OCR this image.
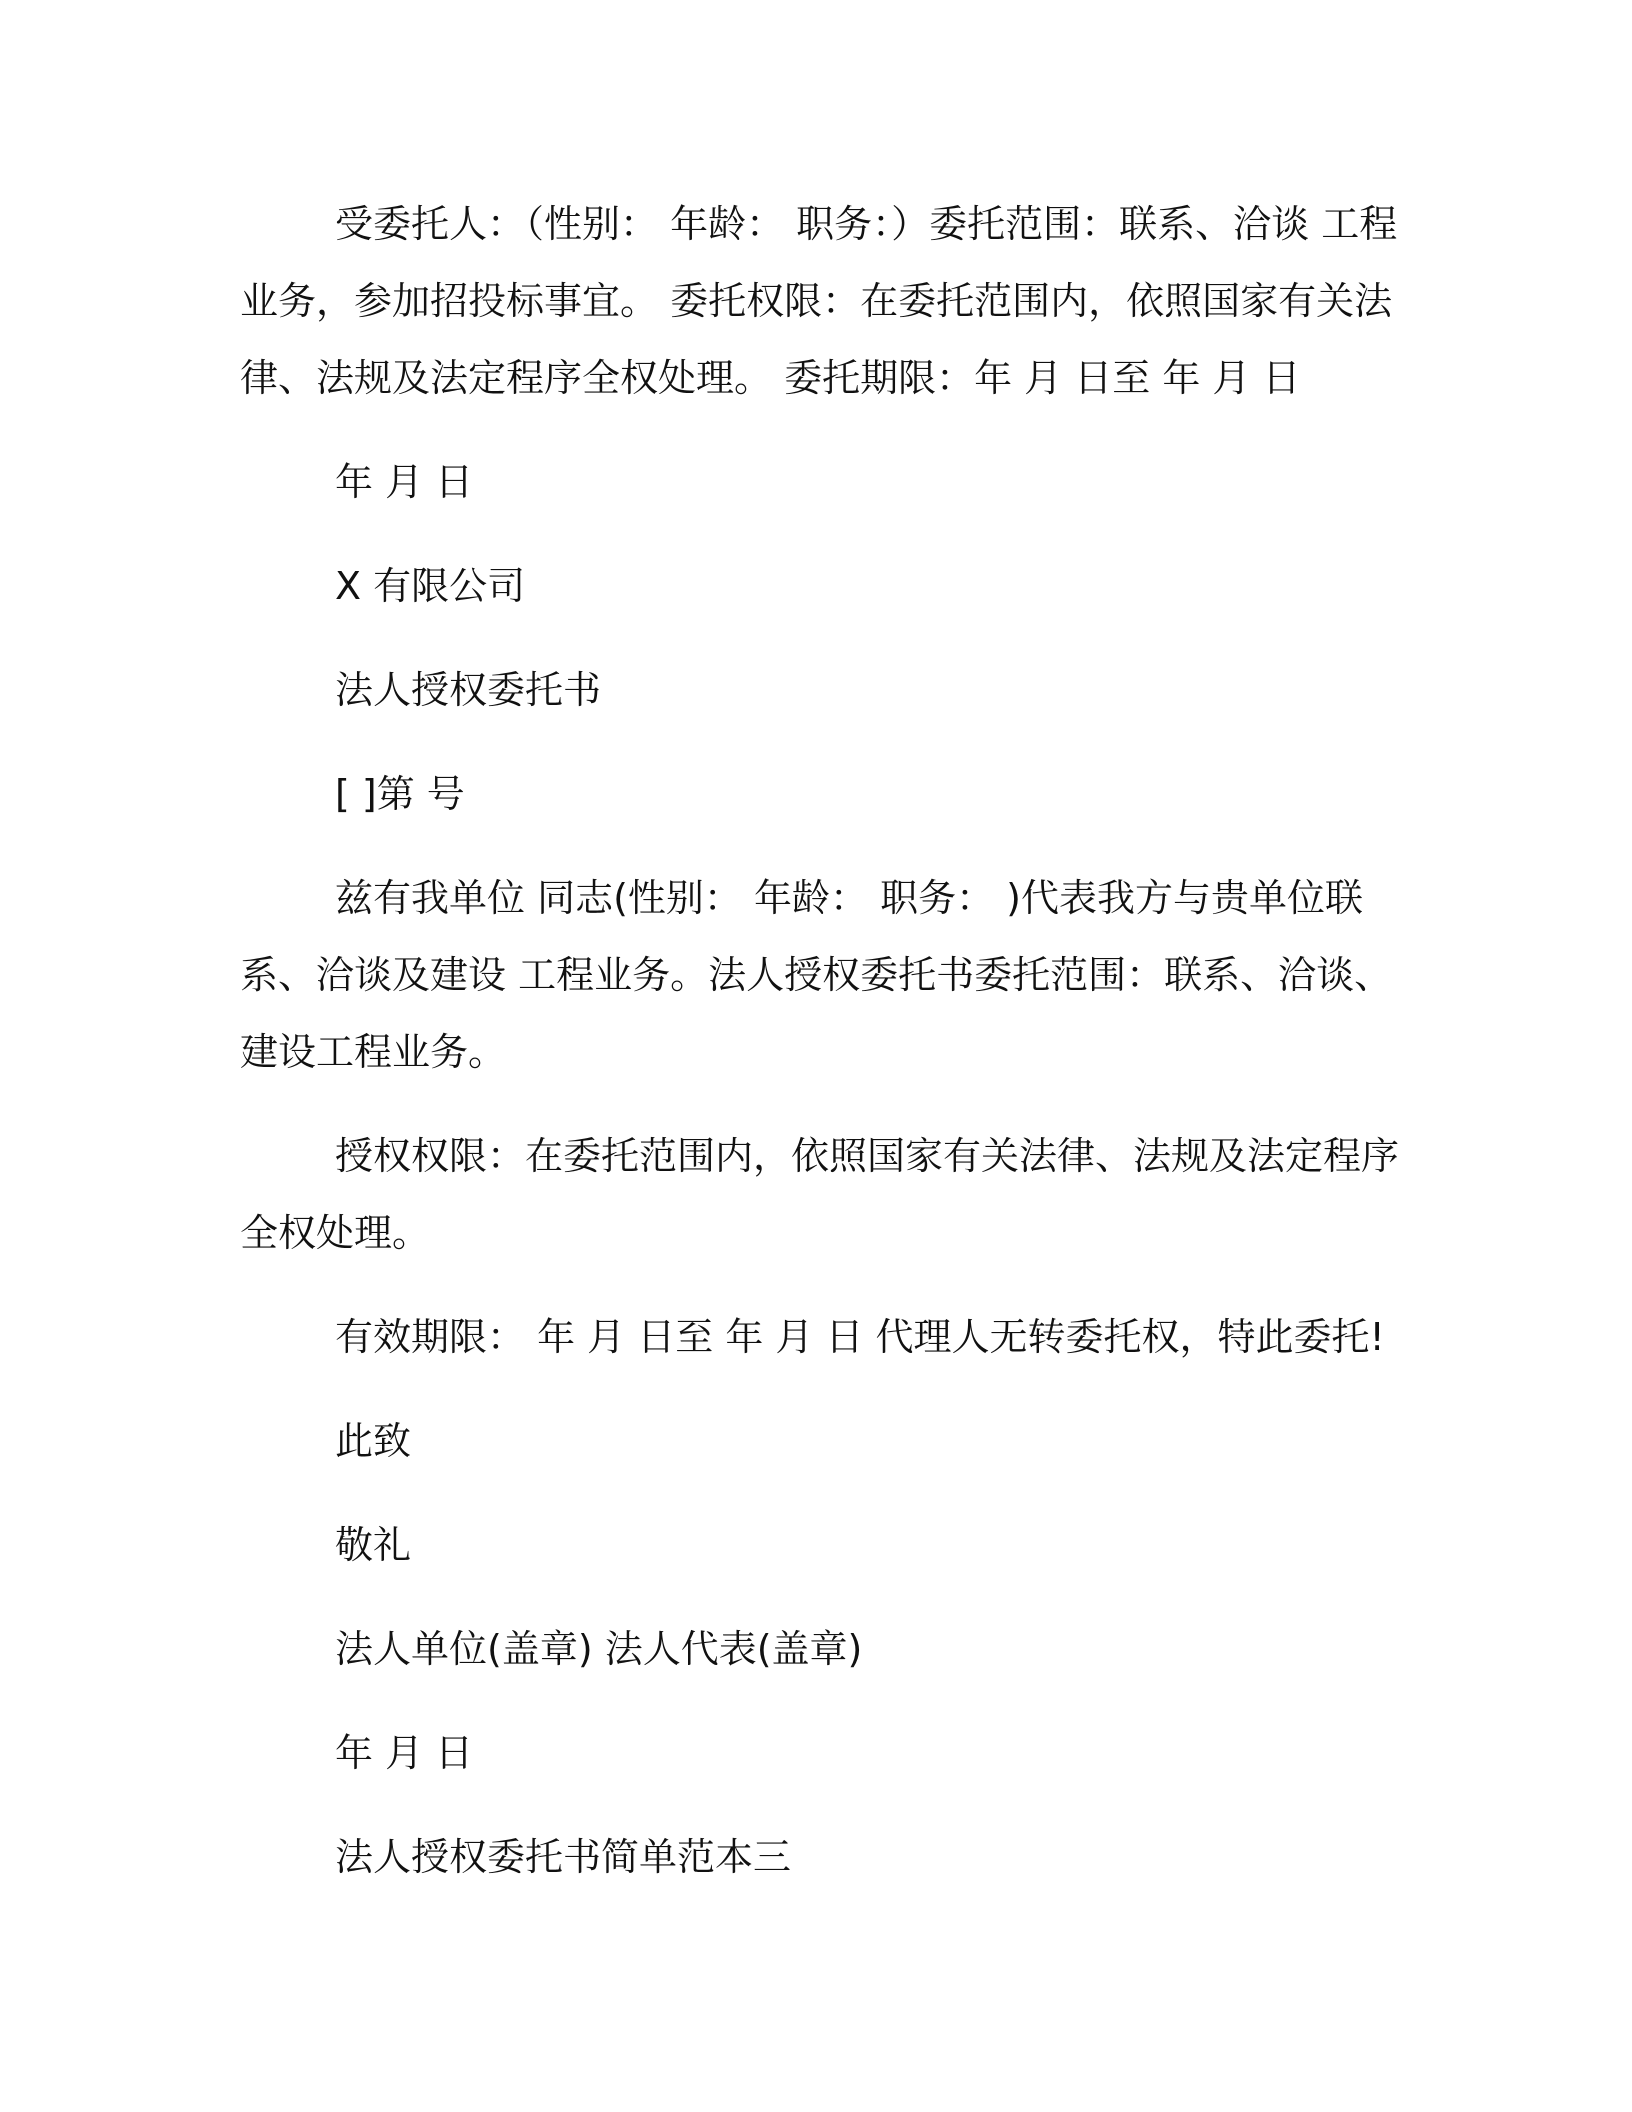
受委托人：（性别： 年龄： 职务：）委托范围：联系、洽谈 工程业务，参加招投标事宜。 委托权限：在委托范围内，依照国家有关法律、法规及法定程序全权处理。 委托期限：年 月 日至 年 月 日

年 月 日

X 有限公司

法人授权委托书

[ ]第 号

兹有我单位 同志(性别： 年龄： 职务： )代表我方与贵单位联系、洽谈及建设 工程业务。法人授权委托书委托范围：联系、洽谈、建设工程业务。

授权权限：在委托范围内，依照国家有关法律、法规及法定程序全权处理。

有效期限： 年 月 日至 年 月 日 代理人无转委托权，特此委托!

此致

敬礼

法人单位(盖章) 法人代表(盖章)

年 月 日

法人授权委托书简单范本三
